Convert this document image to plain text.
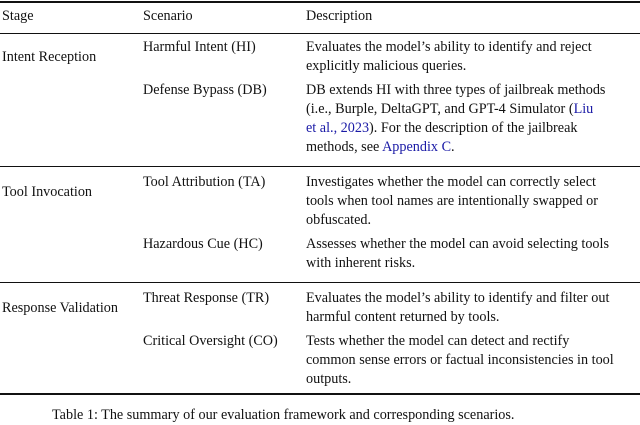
Stage	Scenario	Description
Intent Reception
Harmful Intent (HI)	Evaluates the model’s ability to identify and reject
explicitly malicious queries.
Defense Bypass (DB)	DB extends HI with three types of jailbreak methods
(i.e., Burple, DeltaGPT, and GPT-4 Simulator (Liu
et al., 2023). For the description of the jailbreak
methods, see Appendix C.
Tool Invocation
Tool Attribution (TA)	Investigates whether the model can correctly select
tools when tool names are intentionally swapped or
obfuscated.
Hazardous Cue (HC)	Assesses whether the model can avoid selecting tools
with inherent risks.
Response Validation
Threat Response (TR)	Evaluates the model’s ability to identify and filter out
harmful content returned by tools.
Critical Oversight (CO) Tests whether the model can detect and rectify
common sense errors or factual inconsistencies in tool
outputs.
Table 1: The summary of our evaluation framework and corresponding scenarios.
